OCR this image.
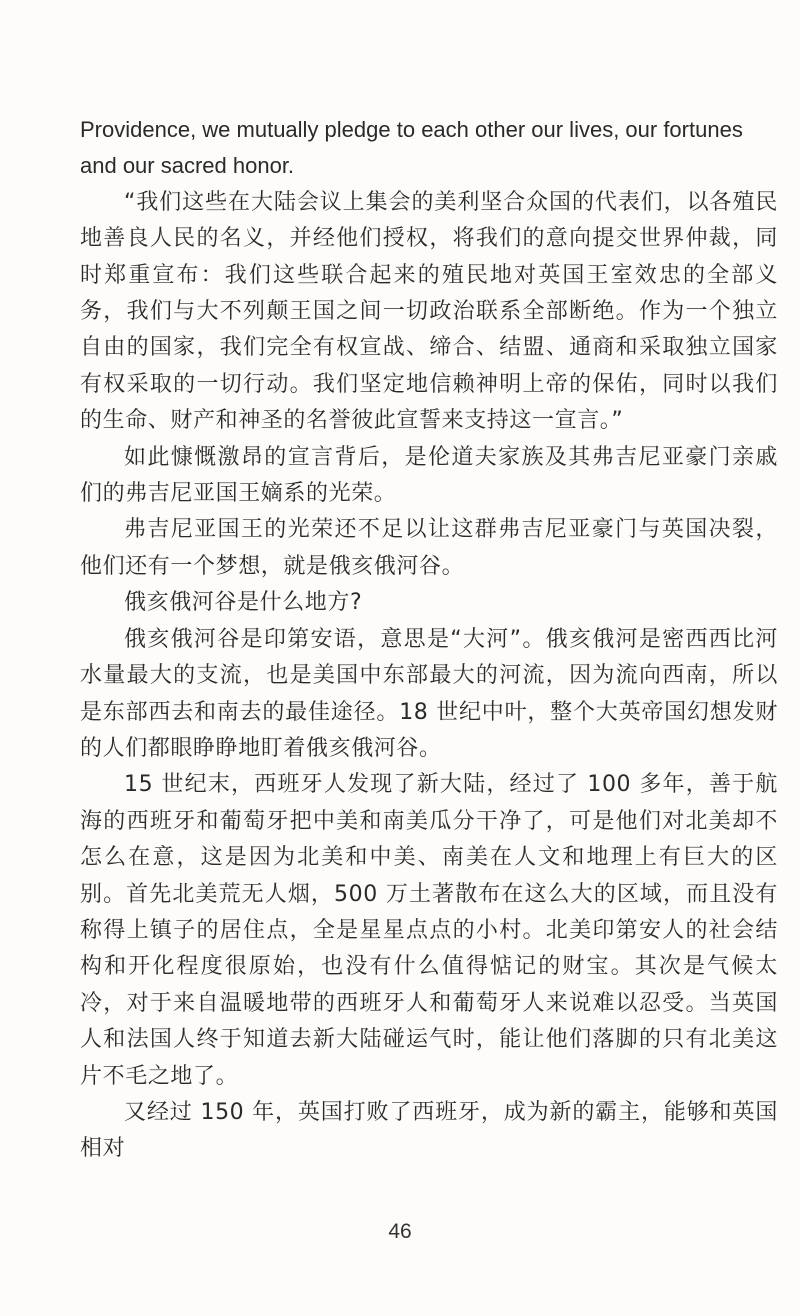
Providence, we mutually pledge to each other our lives, our fortunes and our sacred honor.

“我们这些在大陆会议上集会的美利坚合众国的代表们，以各殖民地善良人民的名义，并经他们授权，将我们的意向提交世界仲裁，同时郑重宣布：我们这些联合起来的殖民地对英国王室效忠的全部义务，我们与大不列颠王国之间一切政治联系全部断绝。作为一个独立自由的国家，我们完全有权宣战、缔合、结盟、通商和采取独立国家有权采取的一切行动。我们坚定地信赖神明上帝的保佑，同时以我们的生命、财产和神圣的名誉彼此宣誓来支持这一宣言。”

如此慷慨激昂的宣言背后，是伦道夫家族及其弗吉尼亚豪门亲戚们的弗吉尼亚国王嫡系的光荣。

弗吉尼亚国王的光荣还不足以让这群弗吉尼亚豪门与英国决裂，他们还有一个梦想，就是俄亥俄河谷。

俄亥俄河谷是什么地方?

俄亥俄河谷是印第安语，意思是“大河”。俄亥俄河是密西西比河水量最大的支流，也是美国中东部最大的河流，因为流向西南，所以是东部西去和南去的最佳途径。18 世纪中叶，整个大英帝国幻想发财的人们都眼睁睁地盯着俄亥俄河谷。

15 世纪末，西班牙人发现了新大陆，经过了 100 多年，善于航海的西班牙和葡萄牙把中美和南美瓜分干净了，可是他们对北美却不怎么在意，这是因为北美和中美、南美在人文和地理上有巨大的区别。首先北美荒无人烟，500 万土著散布在这么大的区域，而且没有称得上镇子的居住点，全是星星点点的小村。北美印第安人的社会结构和开化程度很原始，也没有什么值得惦记的财宝。其次是气候太冷，对于来自温暖地带的西班牙人和葡萄牙人来说难以忍受。当英国人和法国人终于知道去新大陆碰运气时，能让他们落脚的只有北美这片不毛之地了。

又经过 150 年，英国打败了西班牙，成为新的霸主，能够和英国相对

46
